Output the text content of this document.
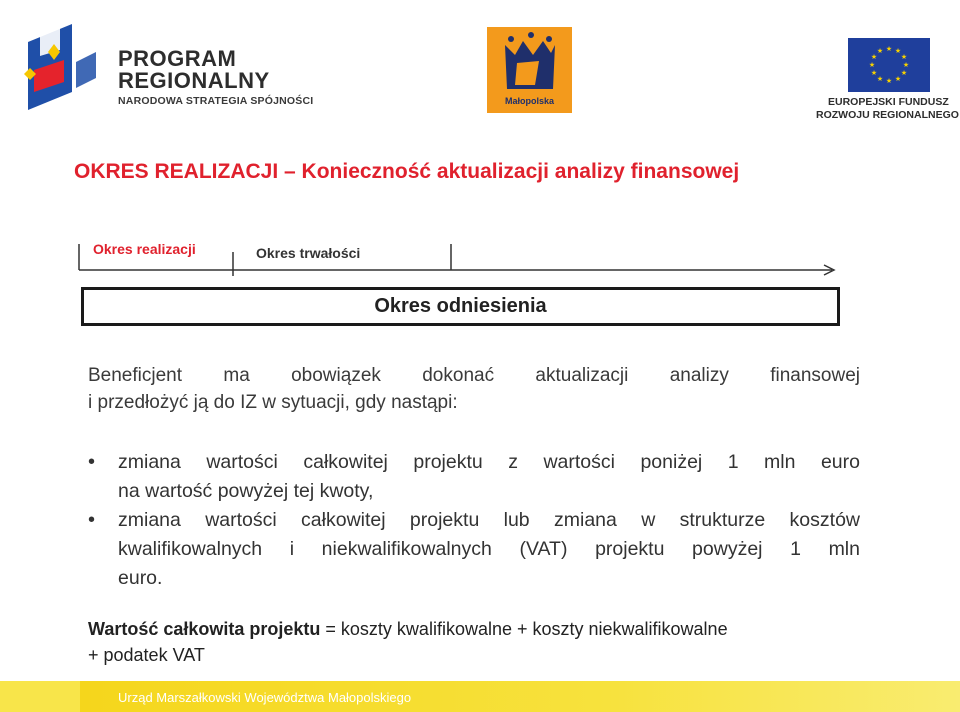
PROGRAM
REGIONALNY
NARODOWA STRATEGIA SPÓJNOŚCI	Małopolska
★ ★
★
★
★
★
★
★
★
★
★
★
EUROPEJSKI FUNDUSZ
ROZWOJU REGIONALNEGO
OKRES REALIZACJI – Konieczność aktualizacji analizy finansowej
Okres realizacji	Okres trwałości
Okres odniesienia
Beneficjent ma obowiązek dokonać aktualizacji analizy finansowej
i przedłożyć ją do IZ w sytuacji, gdy nastąpi:
• zmiana wartości całkowitej projektu z wartości poniżej 1 mln euro
na wartość powyżej tej kwoty,
• zmiana wartości całkowitej projektu lub zmiana w strukturze kosztów
kwalifikowalnych i niekwalifikowalnych (VAT) projektu powyżej 1 mln
euro.
Wartość całkowita projektu = koszty kwalifikowalne + koszty niekwalifikowalne
+ podatek VAT
Urząd Marszałkowski Województwa Małopolskiego
